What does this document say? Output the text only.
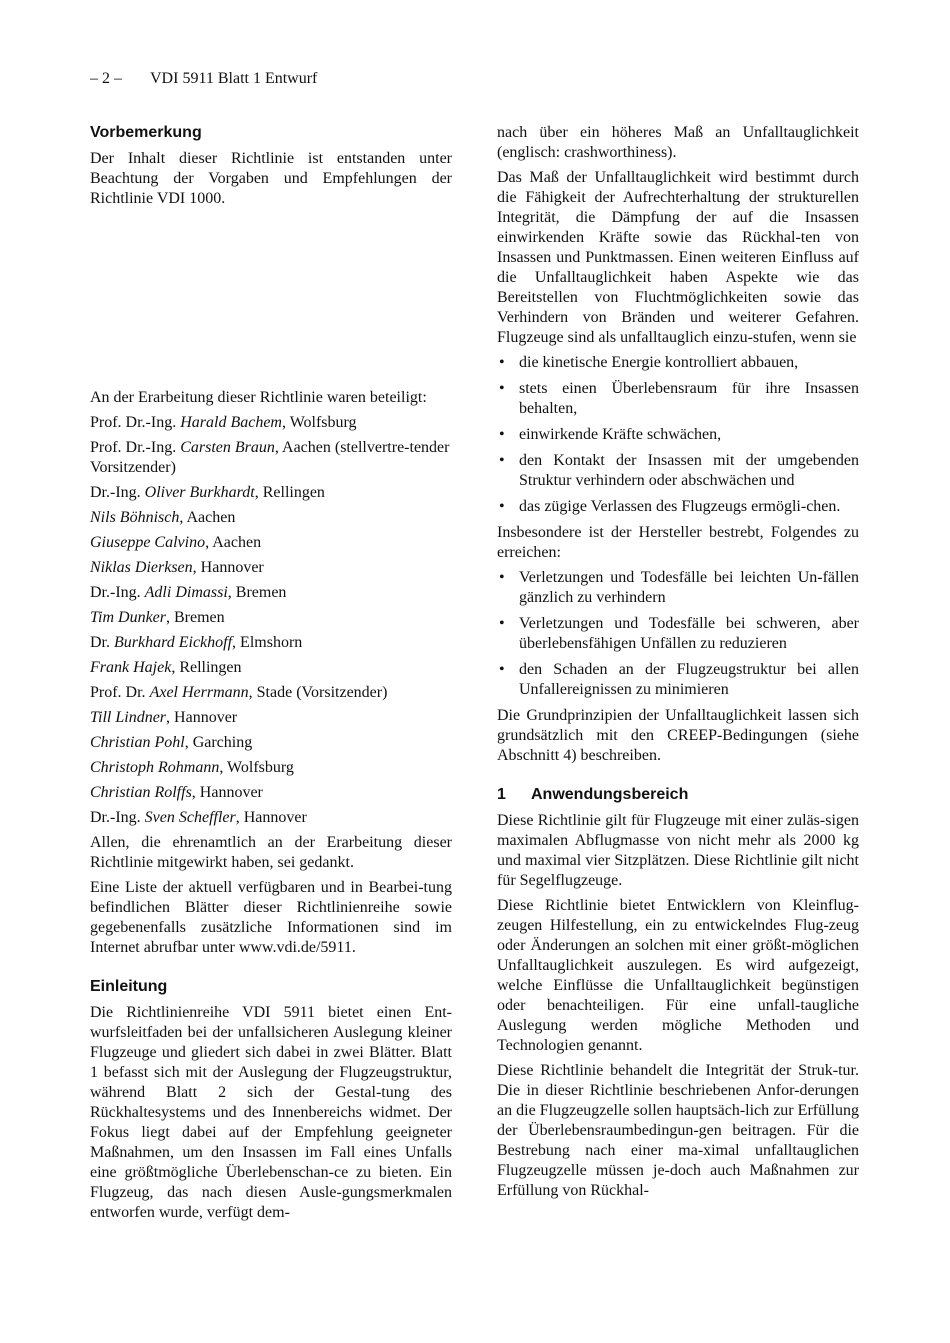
– 2 – VDI 5911 Blatt 1 Entwurf
Vorbemerkung

Der Inhalt dieser Richtlinie ist entstanden unter Beachtung der Vorgaben und Empfehlungen der Richtlinie VDI 1000.

An der Erarbeitung dieser Richtlinie waren beteiligt:

Prof. Dr.-Ing. Harald Bachem, Wolfsburg
Prof. Dr.-Ing. Carsten Braun, Aachen (stellvertre-tender Vorsitzender)
Dr.-Ing. Oliver Burkhardt, Rellingen
Nils Böhnisch, Aachen
Giuseppe Calvino, Aachen
Niklas Dierksen, Hannover
Dr.-Ing. Adli Dimassi, Bremen
Tim Dunker, Bremen
Dr. Burkhard Eickhoff, Elmshorn
Frank Hajek, Rellingen
Prof. Dr. Axel Herrmann, Stade (Vorsitzender)
Till Lindner, Hannover
Christian Pohl, Garching
Christoph Rohmann, Wolfsburg
Christian Rolffs, Hannover
Dr.-Ing. Sven Scheffler, Hannover

Allen, die ehrenamtlich an der Erarbeitung dieser Richtlinie mitgewirkt haben, sei gedankt.

Eine Liste der aktuell verfügbaren und in Bearbei-tung befindlichen Blätter dieser Richtlinienreihe sowie gegebenenfalls zusätzliche Informationen sind im Internet abrufbar unter www.vdi.de/5911.

Einleitung

Die Richtlinienreihe VDI 5911 bietet einen Ent-wurfsleitfaden bei der unfallsicheren Auslegung kleiner Flugzeuge und gliedert sich dabei in zwei Blätter. Blatt 1 befasst sich mit der Auslegung der Flugzeugstruktur, während Blatt 2 sich der Gestal-tung des Rückhaltesystems und des Innenbereichs widmet. Der Fokus liegt dabei auf der Empfehlung geeigneter Maßnahmen, um den Insassen im Fall eines Unfalls eine größtmögliche Überlebenschan-ce zu bieten. Ein Flugzeug, das nach diesen Ausle-gungsmerkmalen entworfen wurde, verfügt dem-

nach über ein höheres Maß an Unfalltauglichkeit (englisch: crashworthiness).

Das Maß der Unfalltauglichkeit wird bestimmt durch die Fähigkeit der Aufrechterhaltung der strukturellen Integrität, die Dämpfung der auf die Insassen einwirkenden Kräfte sowie das Rückhal-ten von Insassen und Punktmassen. Einen weiteren Einfluss auf die Unfalltauglichkeit haben Aspekte wie das Bereitstellen von Fluchtmöglichkeiten sowie das Verhindern von Bränden und weiterer Gefahren. Flugzeuge sind als unfalltauglich einzu-stufen, wenn sie

• die kinetische Energie kontrolliert abbauen,
• stets einen Überlebensraum für ihre Insassen behalten,
• einwirkende Kräfte schwächen,
• den Kontakt der Insassen mit der umgebenden Struktur verhindern oder abschwächen und
• das zügige Verlassen des Flugzeugs ermögli-chen.

Insbesondere ist der Hersteller bestrebt, Folgendes zu erreichen:

• Verletzungen und Todesfälle bei leichten Un-fällen gänzlich zu verhindern
• Verletzungen und Todesfälle bei schweren, aber überlebensfähigen Unfällen zu reduzieren
• den Schaden an der Flugzeugstruktur bei allen Unfallereignissen zu minimieren

Die Grundprinzipien der Unfalltauglichkeit lassen sich grundsätzlich mit den CREEP-Bedingungen (siehe Abschnitt 4) beschreiben.

1 Anwendungsbereich

Diese Richtlinie gilt für Flugzeuge mit einer zuläs-sigen maximalen Abflugmasse von nicht mehr als 2000 kg und maximal vier Sitzplätzen. Diese Richtlinie gilt nicht für Segelflugzeuge.

Diese Richtlinie bietet Entwicklern von Kleinflug-zeugen Hilfestellung, ein zu entwickelndes Flug-zeug oder Änderungen an solchen mit einer größt-möglichen Unfalltauglichkeit auszulegen. Es wird aufgezeigt, welche Einflüsse die Unfalltauglichkeit begünstigen oder benachteiligen. Für eine unfall-taugliche Auslegung werden mögliche Methoden und Technologien genannt.

Diese Richtlinie behandelt die Integrität der Struk-tur. Die in dieser Richtlinie beschriebenen Anfor-derungen an die Flugzeugzelle sollen hauptsäch-lich zur Erfüllung der Überlebensraumbedingun-gen beitragen. Für die Bestrebung nach einer ma-ximal unfalltauglichen Flugzeugzelle müssen je-doch auch Maßnahmen zur Erfüllung von Rückhal-
